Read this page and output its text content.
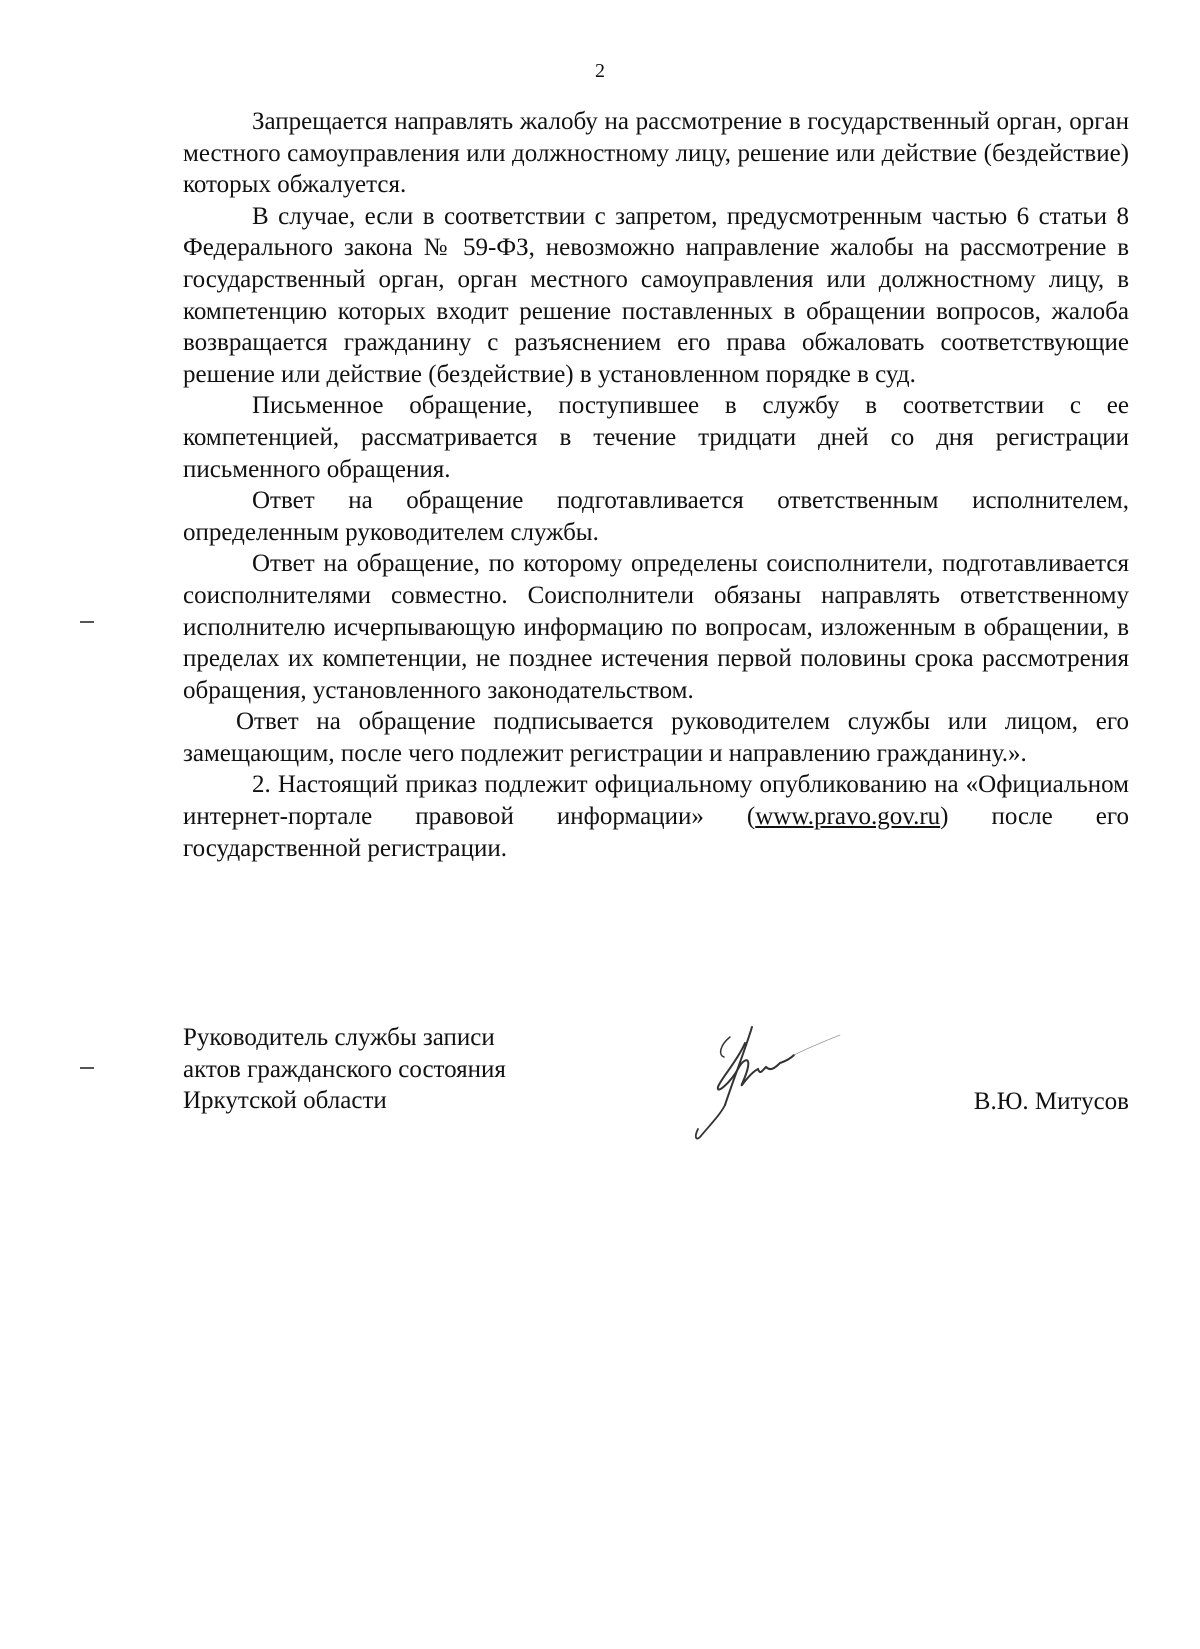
2

Запрещается направлять жалобу на рассмотрение в государственный орган, орган местного самоуправления или должностному лицу, решение или действие (бездействие) которых обжалуется.

В случае, если в соответствии с запретом, предусмотренным частью 6 статьи 8 Федерального закона № 59-ФЗ, невозможно направление жалобы на рассмотрение в государственный орган, орган местного самоуправления или должностному лицу, в компетенцию которых входит решение поставленных в обращении вопросов, жалоба возвращается гражданину с разъяснением его права обжаловать соответствующие решение или действие (бездействие) в установленном порядке в суд.

Письменное обращение, поступившее в службу в соответствии с ее компетенцией, рассматривается в течение тридцати дней со дня регистрации письменного обращения.

Ответ на обращение подготавливается ответственным исполнителем, определенным руководителем службы.

Ответ на обращение, по которому определены соисполнители, подготавливается соисполнителями совместно. Соисполнители обязаны направлять ответственному исполнителю исчерпывающую информацию по вопросам, изложенным в обращении, в пределах их компетенции, не позднее истечения первой половины срока рассмотрения обращения, установленного законодательством.

Ответ на обращение подписывается руководителем службы или лицом, его замещающим, после чего подлежит регистрации и направлению гражданину.».

2. Настоящий приказ подлежит официальному опубликованию на «Официальном интернет-портале правовой информации» (www.pravo.gov.ru) после его государственной регистрации.

Руководитель службы записи
актов гражданского состояния
Иркутской области	В.Ю. Митусов
